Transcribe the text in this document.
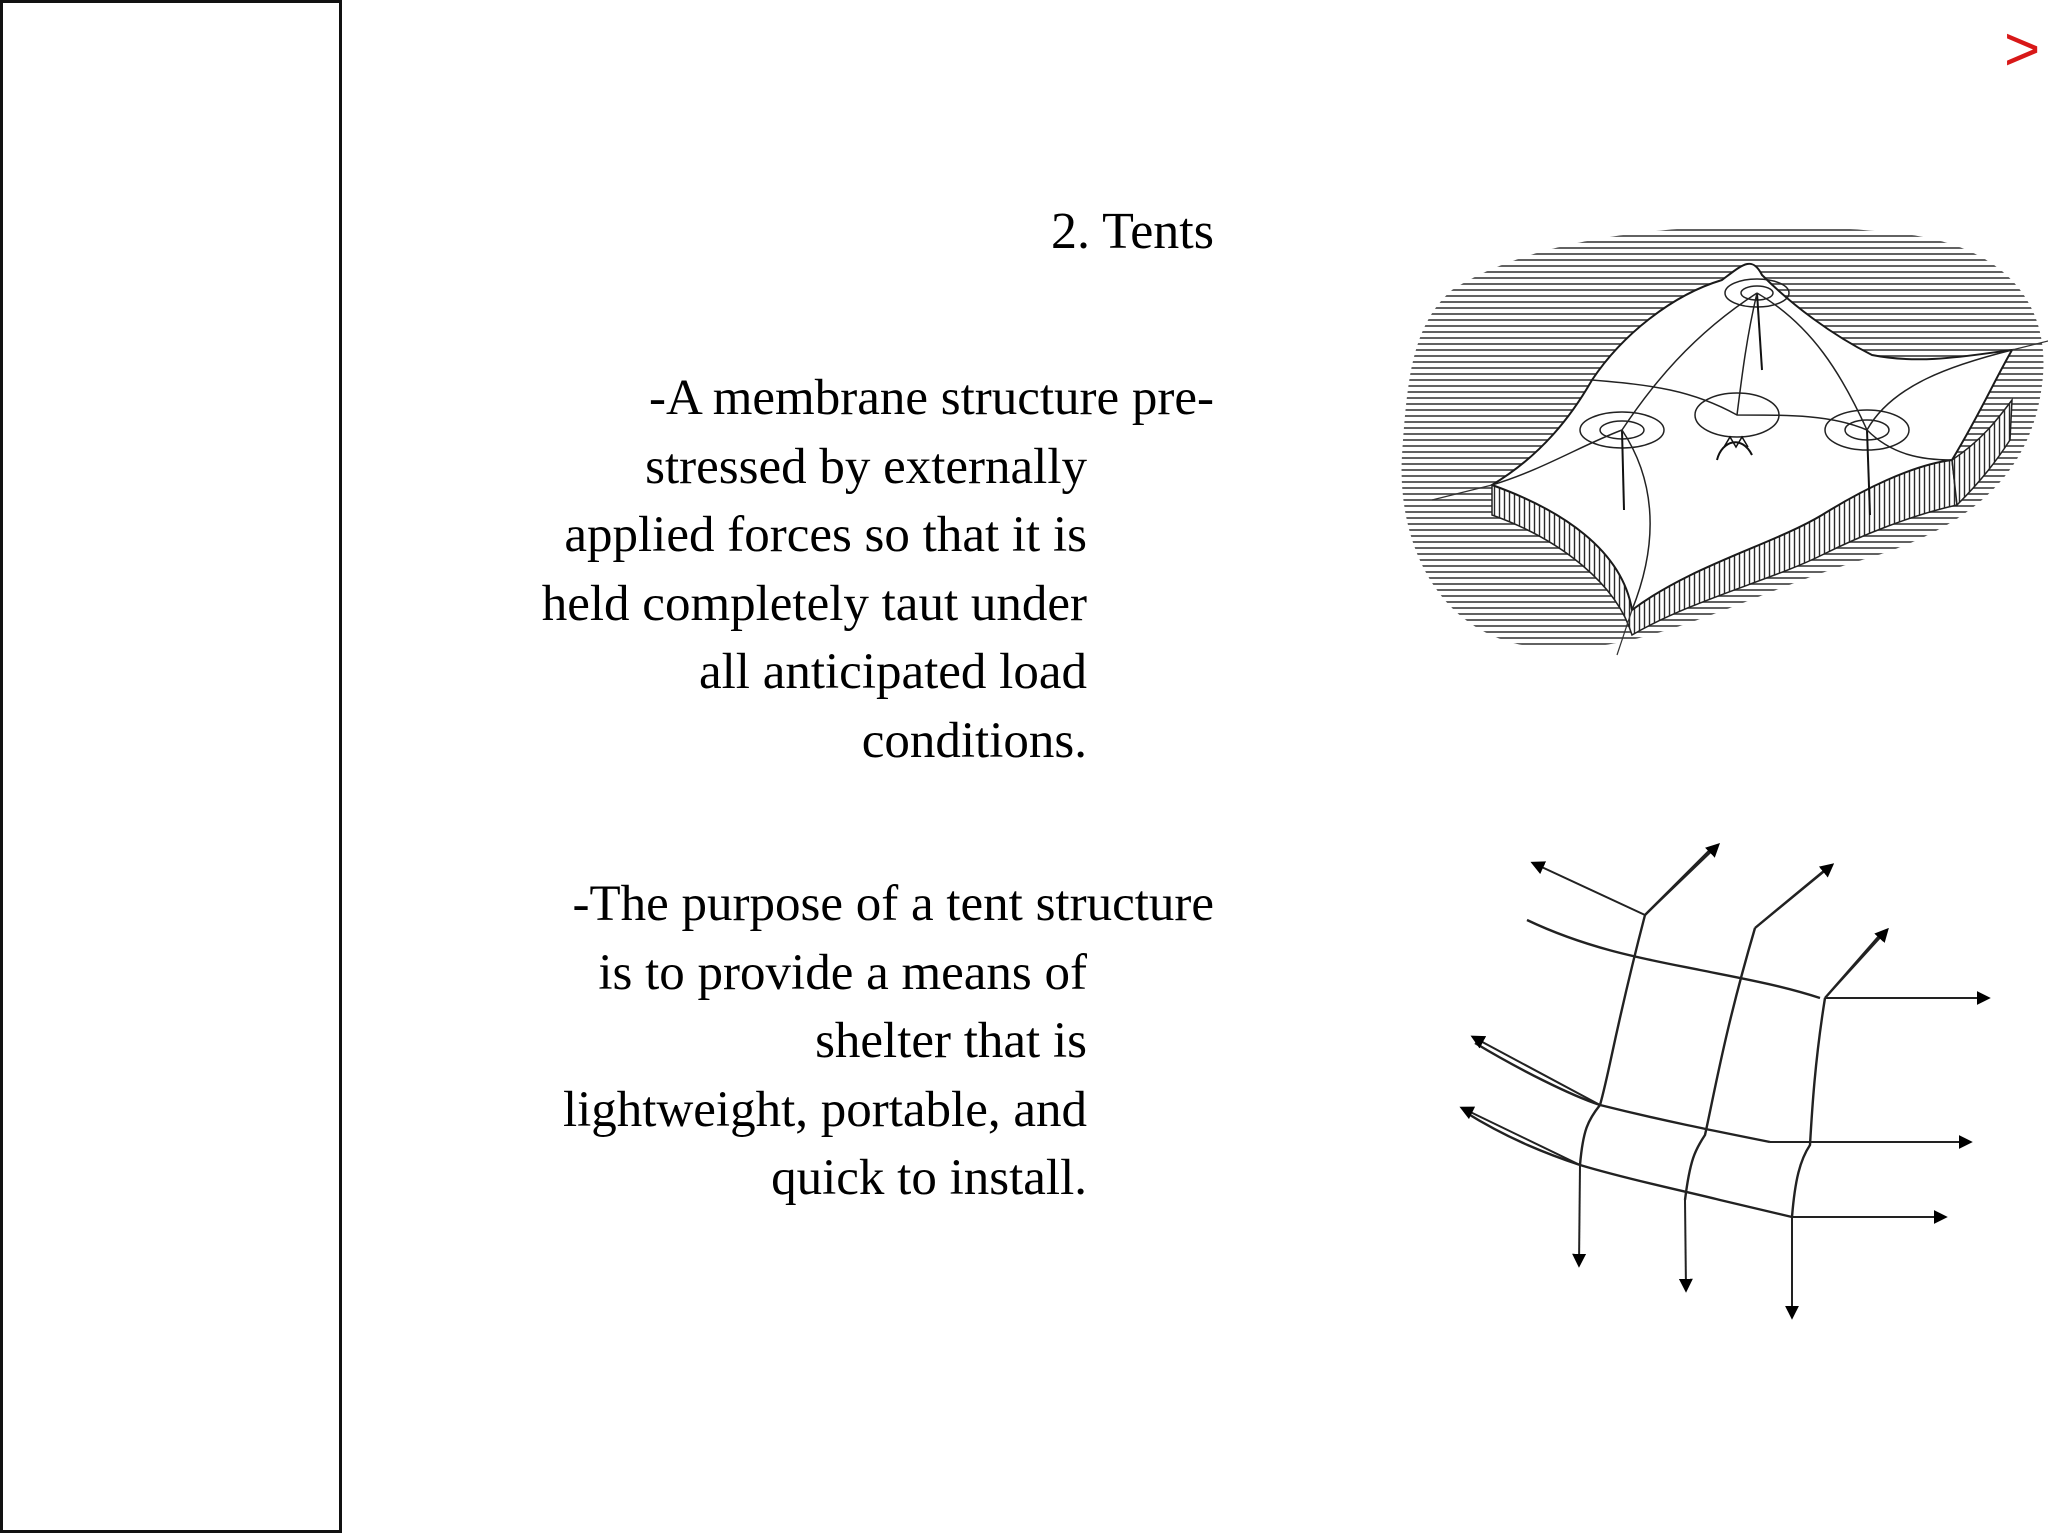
>
2. Tents

-A membrane structure pre-
stressed by externally
applied forces so that it is
held completely taut under
all anticipated load
conditions.

-The purpose of a tent structure
is to provide a means of
shelter that is
lightweight, portable, and
quick to install.
